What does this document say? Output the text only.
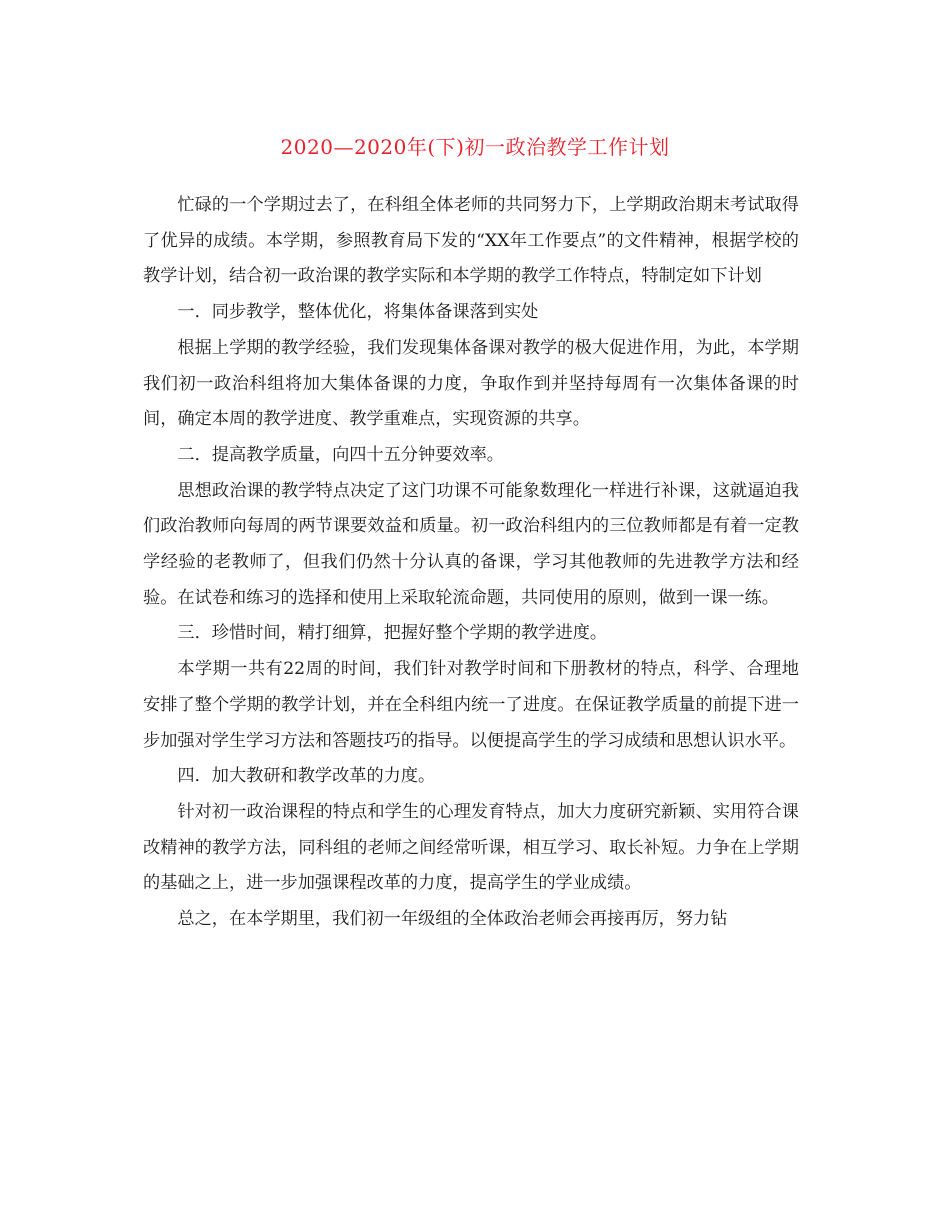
2020—2020年(下)初一政治教学工作计划

忙碌的一个学期过去了，在科组全体老师的共同努力下，上学期政治期末考试取得了优异的成绩。本学期，参照教育局下发的“XX年工作要点”的文件精神，根据学校的教学计划，结合初一政治课的教学实际和本学期的教学工作特点，特制定如下计划

一．同步教学，整体优化，将集体备课落到实处

根据上学期的教学经验，我们发现集体备课对教学的极大促进作用，为此，本学期我们初一政治科组将加大集体备课的力度，争取作到并坚持每周有一次集体备课的时间，确定本周的教学进度、教学重难点，实现资源的共享。

二．提高教学质量，向四十五分钟要效率。

思想政治课的教学特点决定了这门功课不可能象数理化一样进行补课，这就逼迫我们政治教师向每周的两节课要效益和质量。初一政治科组内的三位教师都是有着一定教学经验的老教师了，但我们仍然十分认真的备课，学习其他教师的先进教学方法和经验。在试卷和练习的选择和使用上采取轮流命题，共同使用的原则，做到一课一练。

三．珍惜时间，精打细算，把握好整个学期的教学进度。

本学期一共有22周的时间，我们针对教学时间和下册教材的特点，科学、合理地安排了整个学期的教学计划，并在全科组内统一了进度。在保证教学质量的前提下进一步加强对学生学习方法和答题技巧的指导。以便提高学生的学习成绩和思想认识水平。

四．加大教研和教学改革的力度。

针对初一政治课程的特点和学生的心理发育特点，加大力度研究新颖、实用符合课改精神的教学方法，同科组的老师之间经常听课，相互学习、取长补短。力争在上学期的基础之上，进一步加强课程改革的力度，提高学生的学业成绩。

总之，在本学期里，我们初一年级组的全体政治老师会再接再厉，努力钻
